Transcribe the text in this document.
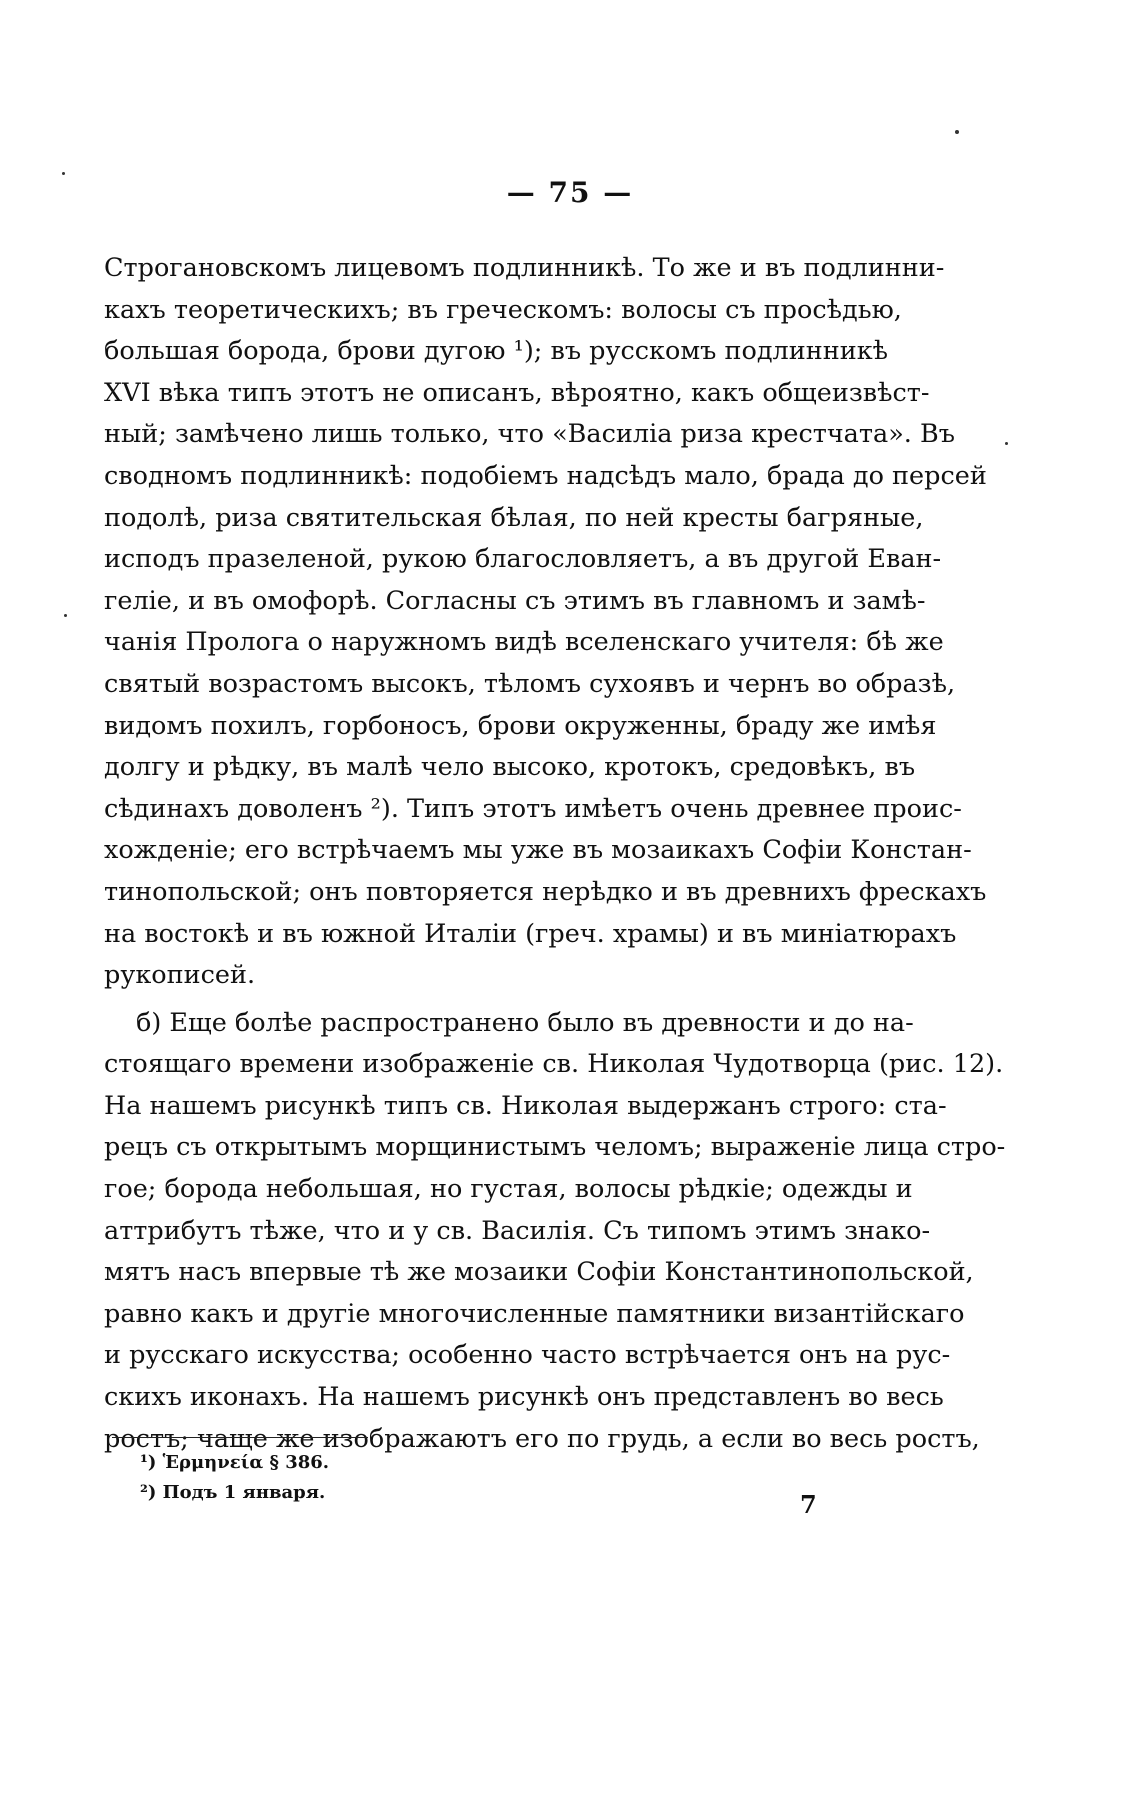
— 75 —
Строгановскомъ лицевомъ подлинникѣ. То же и въ подлинни-
кахъ теоретическихъ; въ греческомъ: волосы съ просѣдью,
большая борода, брови дугою ¹); въ русскомъ подлинникѣ
XVI вѣка типъ этотъ не описанъ, вѣроятно, какъ общеизвѣст-
ный; замѣчено лишь только, что «Василіа риза крестчата». Въ
сводномъ подлинникѣ: подобіемъ надсѣдъ мало, брада до персей
подолѣ, риза святительская бѣлая, по ней кресты багряные,
исподъ празеленой, рукою благословляетъ, а въ другой Еван-
геліе, и въ омофорѣ. Согласны съ этимъ въ главномъ и замѣ-
чанія Пролога о наружномъ видѣ вселенскаго учителя: бѣ же
святый возрастомъ высокъ, тѣломъ сухоявъ и чернъ во образѣ,
видомъ похилъ, горбоносъ, брови окруженны, браду же имѣя
долгу и рѣдку, въ малѣ чело высоко, кротокъ, средовѣкъ, въ
сѣдинахъ доволенъ ²). Типъ этотъ имѣетъ очень древнее проис-
хожденіе; его встрѣчаемъ мы уже въ мозаикахъ Софіи Констан-
тинопольской; онъ повторяется нерѣдко и въ древнихъ фрескахъ
на востокѣ и въ южной Италіи (греч. храмы) и въ миніатюрахъ
рукописей.
б) Еще болѣе распространено было въ древности и до на-
стоящаго времени изображеніе св. Николая Чудотворца (рис. 12).
На нашемъ рисункѣ типъ св. Николая выдержанъ строго: ста-
рецъ съ открытымъ морщинистымъ челомъ; выраженіе лица стро-
гое; борода небольшая, но густая, волосы рѣдкіе; одежды и
аттрибутъ тѣже, что и у св. Василія. Съ типомъ этимъ знако-
мятъ насъ впервые тѣ же мозаики Софіи Константинопольской,
равно какъ и другіе многочисленные памятники византійскаго
и русскаго искусства; особенно часто встрѣчается онъ на рус-
скихъ иконахъ. На нашемъ рисункѣ онъ представленъ во весь
ростъ; чаще же изображаютъ его по грудь, а если во весь ростъ,
¹) Ἑρμηνεία § 386.
²) Подъ 1 января.	7
